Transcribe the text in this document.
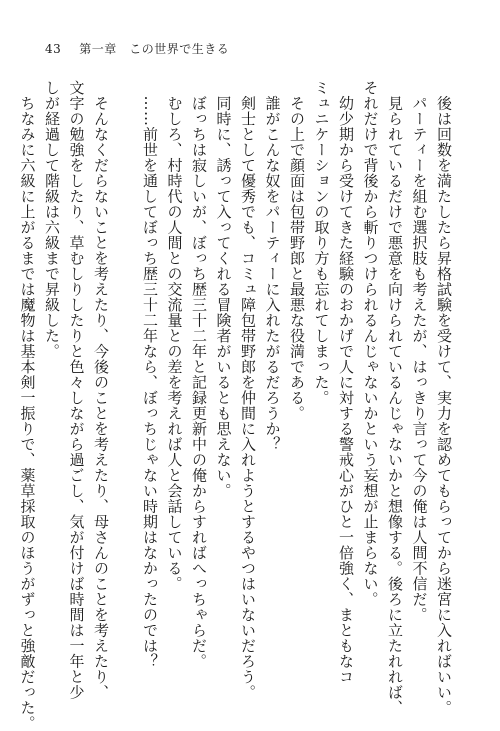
43 第一章　この世界で生きる
　後は回数を満たしたら昇格試験を受けて、実力を認めてもらってから迷宮に入ればいい。
　パーティーを組む選択肢も考えたが、はっきり言って今の俺は人間不信だ。
　見られているだけで悪意を向けられているんじゃないかと想像する。後ろに立たれれば、
それだけで背後から斬りつけられるんじゃないかという妄想が止まらない。
　幼少期から受けてきた経験のおかげで人に対する警戒心がひと一倍強く、まともなコ
ミュニケーションの取り方も忘れてしまった。
　その上で顔面は包帯野郎と最悪な役満である。
　誰がこんな奴をパーティーに入れたがるだろうか？
　剣士として優秀でも、コミュ障包帯野郎を仲間に入れようとするやつはいないだろう。
　同時に、誘って入ってくれる冒険者がいるとも思えない。
　ぼっちは寂しいが、ぼっち歴三十二年と記録更新中の俺からすればへっちゃらだ。
　むしろ、村時代の人間との交流量との差を考えれば人と会話している。
　……前世を通してぼっち歴三十二年なら、ぼっちじゃない時期はなかったのでは？
　そんなくだらないことを考えたり、今後のことを考えたり、母さんのことを考えたり、
文字の勉強をしたり、草むしりしたりと色々しながら過ごし、気が付けば時間は一年と少
しが経過して階級は六級まで昇級した。
　ちなみに六級に上がるまでは魔物は基本剣一振りで、薬草採取のほうがずっと強敵だった。
